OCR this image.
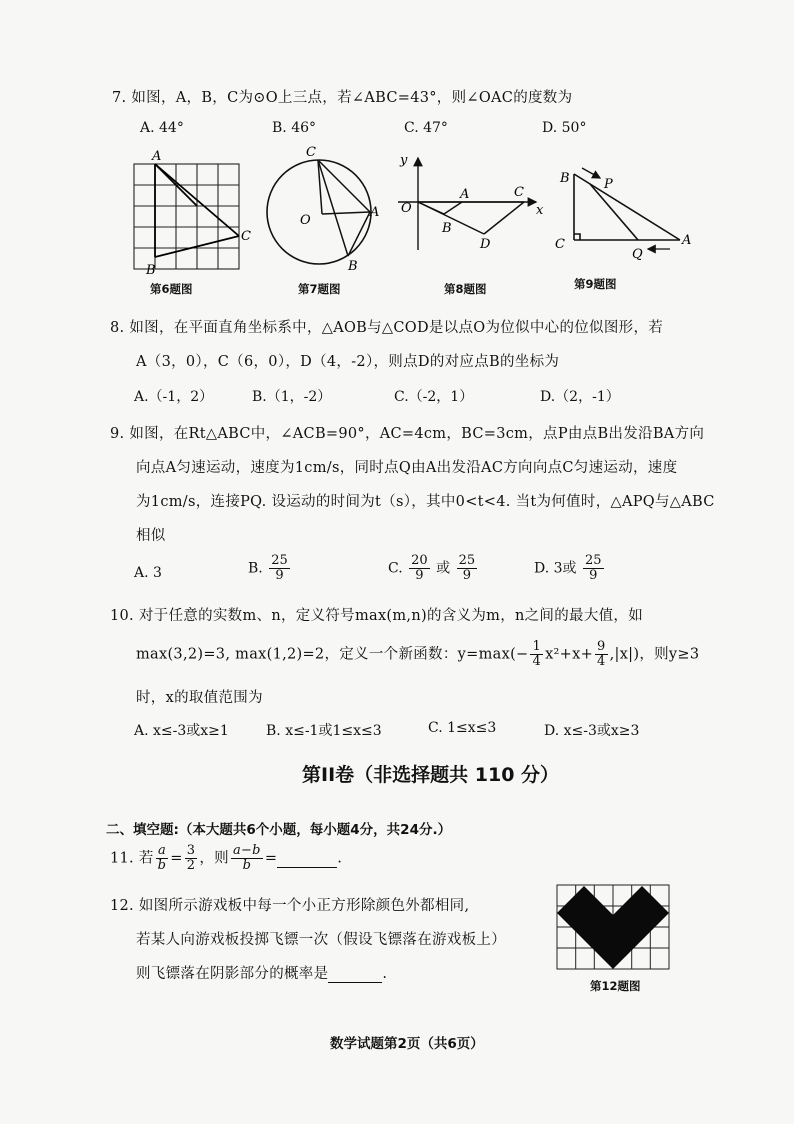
7. 如图，A，B，C为⊙O上三点，若∠ABC=43°，则∠OAC的度数为
A. 44°	B. 46°	C. 47°	D. 50°
A
B
C
第6题图
C
O
A
B
第7题图
y
x
O
A	C
B
D
第8题图
B	P
C
Q
A
第9题图
8. 如图，在平面直角坐标系中，△AOB与△COD是以点O为位似中心的位似图形，若
A（3，0），C（6，0），D（4，-2），则点D的对应点B的坐标为
A.（-1，2）	B.（1，-2）	C.（-2，1）	D.（2，-1）
9. 如图，在Rt△ABC中，∠ACB=90°，AC=4cm，BC=3cm，点P由点B出发沿BA方向
向点A匀速运动，速度为1cm/s，同时点Q由A出发沿AC方向向点C匀速运动，速度
为1cm/s，连接PQ. 设运动的时间为t（s），其中0<t<4. 当t为何值时，△APQ与△ABC
相似
A. 3	B. $\frac{25}{9}$	C. $\frac{20}{9}$ 或 $\frac{25}{9}$	D. 3或 $\frac{25}{9}$
10. 对于任意的实数m、n，定义符号max(m,n)的含义为m，n之间的最大值，如
max(3,2)=3, max(1,2)=2，定义一个新函数：$y=\max(- \frac{1}{4} x^2+x+ \frac{9}{4} ,|x|)$，则y≥3
时，x的取值范围为
A. x≤-3或x≥1	B. x≤-1或1≤x≤3	C. 1≤x≤3	D. x≤-3或x≥3
第II卷（非选择题共 110 分）
二、填空题:（本大题共6个小题，每小题4分，共24分.）
11. 若 $\frac{a}{b} = \frac{3}{2}$ ，则 $\frac{a-b}{b}$ =	.
12. 如图所示游戏板中每一个小正方形除颜色外都相同,
若某人向游戏板投掷飞镖一次（假设飞镖落在游戏板上）
则飞镖落在阴影部分的概率是	.
第12题图
数学试题第2页（共6页）
